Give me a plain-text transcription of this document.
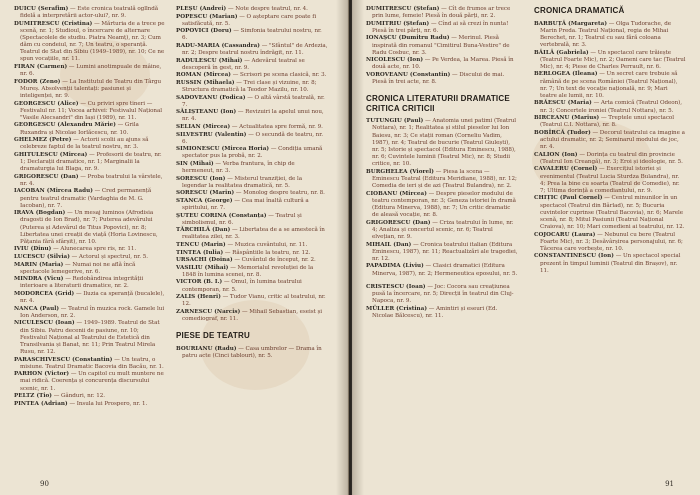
DUICU (Serafim) — Este cronica teatrală ogllndă fidelă a interpretării actor-ului?, nr. 9.
DUMITRESCU (Cristina) — Mărturia de a trece pe scenă, nr. 1; Studioul, o încercare de alternare (Spectacolele de studiu. Piatra Neamț), nr. 3; Cum dăm cu condeiul, nr. 7; Un teatru, o speranță. Teatrul de Stat din Sibiu (1949–1989), nr. 10; Ce ne spun vocațiile, nr. 11.
FIRAN (Carmen) — Lumini anotimpuale de mâine, nr. 6.
FODOR (Zeno) — La Institutul de Teatru din Târgu Mureș. Absolvenții talentați: pasiunei și inteligenței, nr. 9.
GEORGESCU (Alice) — Cu priviri spre tineri — Festivalul nr. 11; Vocea arhivei: Festivalul Național "Vasile Alecsandri" din Iași (1989), nr. 11.
GEORGESCU (Alexandru Mărie) — Grila Ruxandra și Nicolae Iorlăcescu, nr. 10.
GHELMEZ (Petre) — Actorii scolii au ajuns să celebreze faptul de la teatrul nostru, nr. 3.
GHITULESCU (Mircea) — Profesorii de teatru, nr. 1; Declarații dramatice, nr. 1; Marginalii la dramaturgia lui Blaga, nr. 9.
GRIGORESCU (Dan) — Proba teatrului la vârstele, nr. 4.
IACOBAN (Mircea Radu) — Cred permanență pentru teatrul dramatic (Vardaghia de M. G. Iacoban), nr. 7.
IRAVA (Bogdan) — Un mesaj luminos (Afrodisia dragosti de Ion Brad), nr. 7; Puterea adevărului (Puterea și Adevărul de Titus Popovici), nr. 8; Libertatea unei creații de viață (Horia Lovinescu, Pățania fără sfârșit), nr. 10.
IVIU (Dinu) — Alunecarea spre ris, nr. 11.
LUCESCU (Silvia) — Actorul și spectrul, nr. 5.
MARIN (Maria) — Numai noi ne află încă spectacole lemegerive, nr. 6.
MINDRA (Vicu) — Redobândirea integrității interioare a literaturii dramatice, nr. 2.
MODORCEA (Grid) — Iluzia ca speranță (bucalele), nr. 4.
NANCA (Paul) — Teatrul în muzica rock. Gamele lui Ion Anderson, nr. 2.
NICULESCU (Ioan) — 1949–1989. Teatrul de Stat din Sibiu. Patru decenii de pasiune, nr. 10; Festivalul Național al Teatrului de Estetică din Transilvania și Banat, nr. 11; Prin Teatrul Mirela Rusu, nr. 12.
PARASCHIVESCU (Constantin) — Un teatru, o misiune. Teatrul Dramatic Bacovia din Bacău, nr. 1.
PARHON (Victor) — Un capitol cu mult muntere ne mai ridică. Coerența și concurența discursului scenic, nr. 1.
PELTZ (Tio) — Gânduri, nr. 12.
PINTEA (Adrian) — Insula lui Prospero, nr. 1.
PLEȘU (Andrei) — Note despre teatrul, nr. 4.
POPESCU (Marian) — O așteptare care poate fi satisfăcută, nr. 5.
POPOVICI (Doru) — Simfonia teatrului nostru, nr. 6.
RADU-MARIA (Cassandra) — "Sfântul" de Ardezia, nr. 2; Despre teatrul nostru îndrăgit, nr. 11.
RADULESCU (Mihai) — Adevărul teatral se descoperă în gest, nr. 9.
ROMAN (Mircea) — Scrisori pe scena clasică, nr. 3.
RUSSIN (Mihaela) — Trei clase și vizuine, nr. 8; Structura dramatică la Teodor Mazilu, nr. 10.
SADOVEANU (Fodica) — O altă vârstă teatrală, nr. 7.
SĂLIȘTEANU (Ion) — Revizuiri la apelul unui nou, nr. 4.
SELIAN (Mircea) — Actualitatea spre formă, nr. 9.
SILVESTRU (Valentin) — O secundă de teatru, nr. 6.
SIMIONESCU (Mircea Horia) — Condiția umană spectator pus la probă, nr. 2.
SIN (Mihai) — Verba frantura, în chip de hermeneut, nr. 3.
SORESCU (Ion) — Misterul tranziției, de la legendar la realitatea dramatică, nr. 5.
SORESCU (Marin) — Monolog despre teatru, nr. 8.
STANCA (George) — Cea mai înaltă cultură a spiritului, nr. 7.
ȘUTEU CORINA (Constanța) — Teatrul și simbolismul, nr. 6.
TĂRCHILĂ (Dan) — Libertatea de a se amestecă în realitatea zilei, nr. 3.
TENCU (Marin) — Muzica cuvântului, nr. 11.
TINTEA (Iulia) — Răspântiile la teatru, nr. 12.
URSACHI (Doina) — Cuvântul de început, nr. 2.
VASILIU (Mihai) — Memorialul revoluției de la 1848 în lumina scenei, nr. 8.
VICTOR (B. I.) — Omul, în lumina teatrului contemporan, nr. 5.
ZALIS (Henri) — Tudor Vianu, critic al teatrului, nr. 12.
ZARNESCU (Narcis) — Mihail Sebastian, eseist și comediograf, nr. 11.
PIESE DE TEATRU
BOURIANU (Radu) — Casa umbrelor — Drama în patru acte (Cinci tablouri), nr. 5.
90
DUMITRESCU (Ștefan) — Cît de frumos ar trece prin lume, femeie! Piesă în două părți, nr. 2.
DUMITRIU (Ștefan) — Cînd ai să crezi în nunta! Piesă în trei părți, nr. 6.
IONAȘCU (Dumitru Radu) — Merinul. Piesă inspirată din romanul "Cimitirul Buna-Vestire" de Radu Cosbuc, nr. 3.
NICOLESCU (Ion) — Pe Verdea, la Marea. Piesă în două acte, nr. 10.
VOROVEANU (Constantin) — Discului de mai. Piesă în trei acte, nr. 8.
CRONICA LITERATURII DRAMATICE CRITICA CRITICII
TUTUNGIU (Paul) — Anatomia unei patimi (Teatrul Nottara), nr. 1; Realitatea și stilul pieselor lui Ion Baiesu, nr. 3; Ce stații roman (Corneliu Vadim, 1987), nr. 4; Teatrul de bucurie (Teatrul Giulești), nr. 5; Istorie și spectacol (Editura Eminescu, 1988), nr. 6; Cuvintele luminii (Teatrul Mic), nr. 8; Studii critice, nr. 10.
BURGHELEA (Viorel) — Piesa la scena — Eminescu Teatral (Editura Meridiane, 1988), nr. 12; Comedia de ieri și de azi (Teatrul Bulandra), nr. 2.
CIOBANU (Mircea) — Despre pieselor modului de teatru contemporan, nr. 3; Geneza istoriei în dramă (Editura Minerva, 1988), nr. 7; Un critic dramatic de aleasă vocație, nr. 8.
GRIGORESCU (Dan) — Criza teatrului în lume, nr. 4; Analiza și concertul scenic, nr. 6; Teatrul elvețian, nr. 9.
MIHAIL (Dan) — Cronica teatrului italian (Editura Eminescu, 1987), nr. 11; Reactualizări ale tragediei, nr. 12.
PAPADIMA (Liviu) — Clasici dramatici (Editura Minerva, 1987), nr. 2; Hermeneutica eposului, nr. 5.
CRISTESCU (Ioan) — Joc: Cocora sau creațiunea pusă la încercare, nr. 5; Direcții în teatrul din Cluj-Napoca, nr. 9.
MÜLLER (Cristina) — Amintiri și eseuri (Ed. Nicolae Bălcescu), nr. 11.
CRONICA DRAMATICĂ
BARBUȚĂ (Margareta) — Olga Tudorache, de Marin Preda. Teatrul Național, regia de Mihai Berechet, nr. 1; Teatrul cu sau fără coloana vertebrală, nr. 3.
BĂILĂ (Gabriela) — Un spectacol care trăiește (Teatrul Foarte Mic), nr. 2; Oameni care tac (Teatrul Mic), nr. 4; Piese de Charles Perrault, nr. 6.
BERLOGEA (Ileana) — Un secret care trebuie să rămână de pe scena României (Teatrul Național), nr. 7; Un text de vocație națională, nr. 9; Mari teatre ale lumii, nr. 10.
BRĂESCU (Maria) — Arta comică (Teatrul Odeon), nr. 3; Concertele ironiei (Teatrul Nottara), nr. 5.
BIRCEANU (Marius) — Treptele unui spectacol (Teatrul C.I. Nottara), nr. 8.
BOBÎRCĂ (Tudor) — Decorul teatrului ca imagine a actului dramatic, nr. 2; Seminarul modului de joc, nr. 4.
CALION (Ion) — Dorința cu teatrul din provincie (Teatrul Ion Creangă), nr. 3; Eroi și ideologie, nr. 5.
CAVALERU (Cornel) — Exercițiul istoriei și evenimentul (Teatrul Lucia Sturdza Bulandra), nr. 4; Prea la bine cu soarta (Teatrul de Comedie), nr. 7; Ultima dorință a comediantului, nr. 9.
CHIȚIC (Paul Cornel) — Centrul minunilor în un spectacol (Teatrul din Bârlad), nr. 5; Bucuria cuvintelor cuprinse (Teatrul Bacovia), nr. 6; Marele scenă, nr. 8; Mitul Pasiunii (Teatrul Național Craiova), nr. 10; Mari comedieni ai teatrului, nr. 12.
COJOCARU (Laura) — Nebunul cu bere (Teatrul Foarte Mic), nr. 3; Desăvârșirea personajului, nr. 6; Tăcerea care vorbește, nr. 10.
CONSTANTINESCU (Ion) — Un spectacol special prezent în timpul luminii (Teatrul din Brașov), nr. 11.
91
